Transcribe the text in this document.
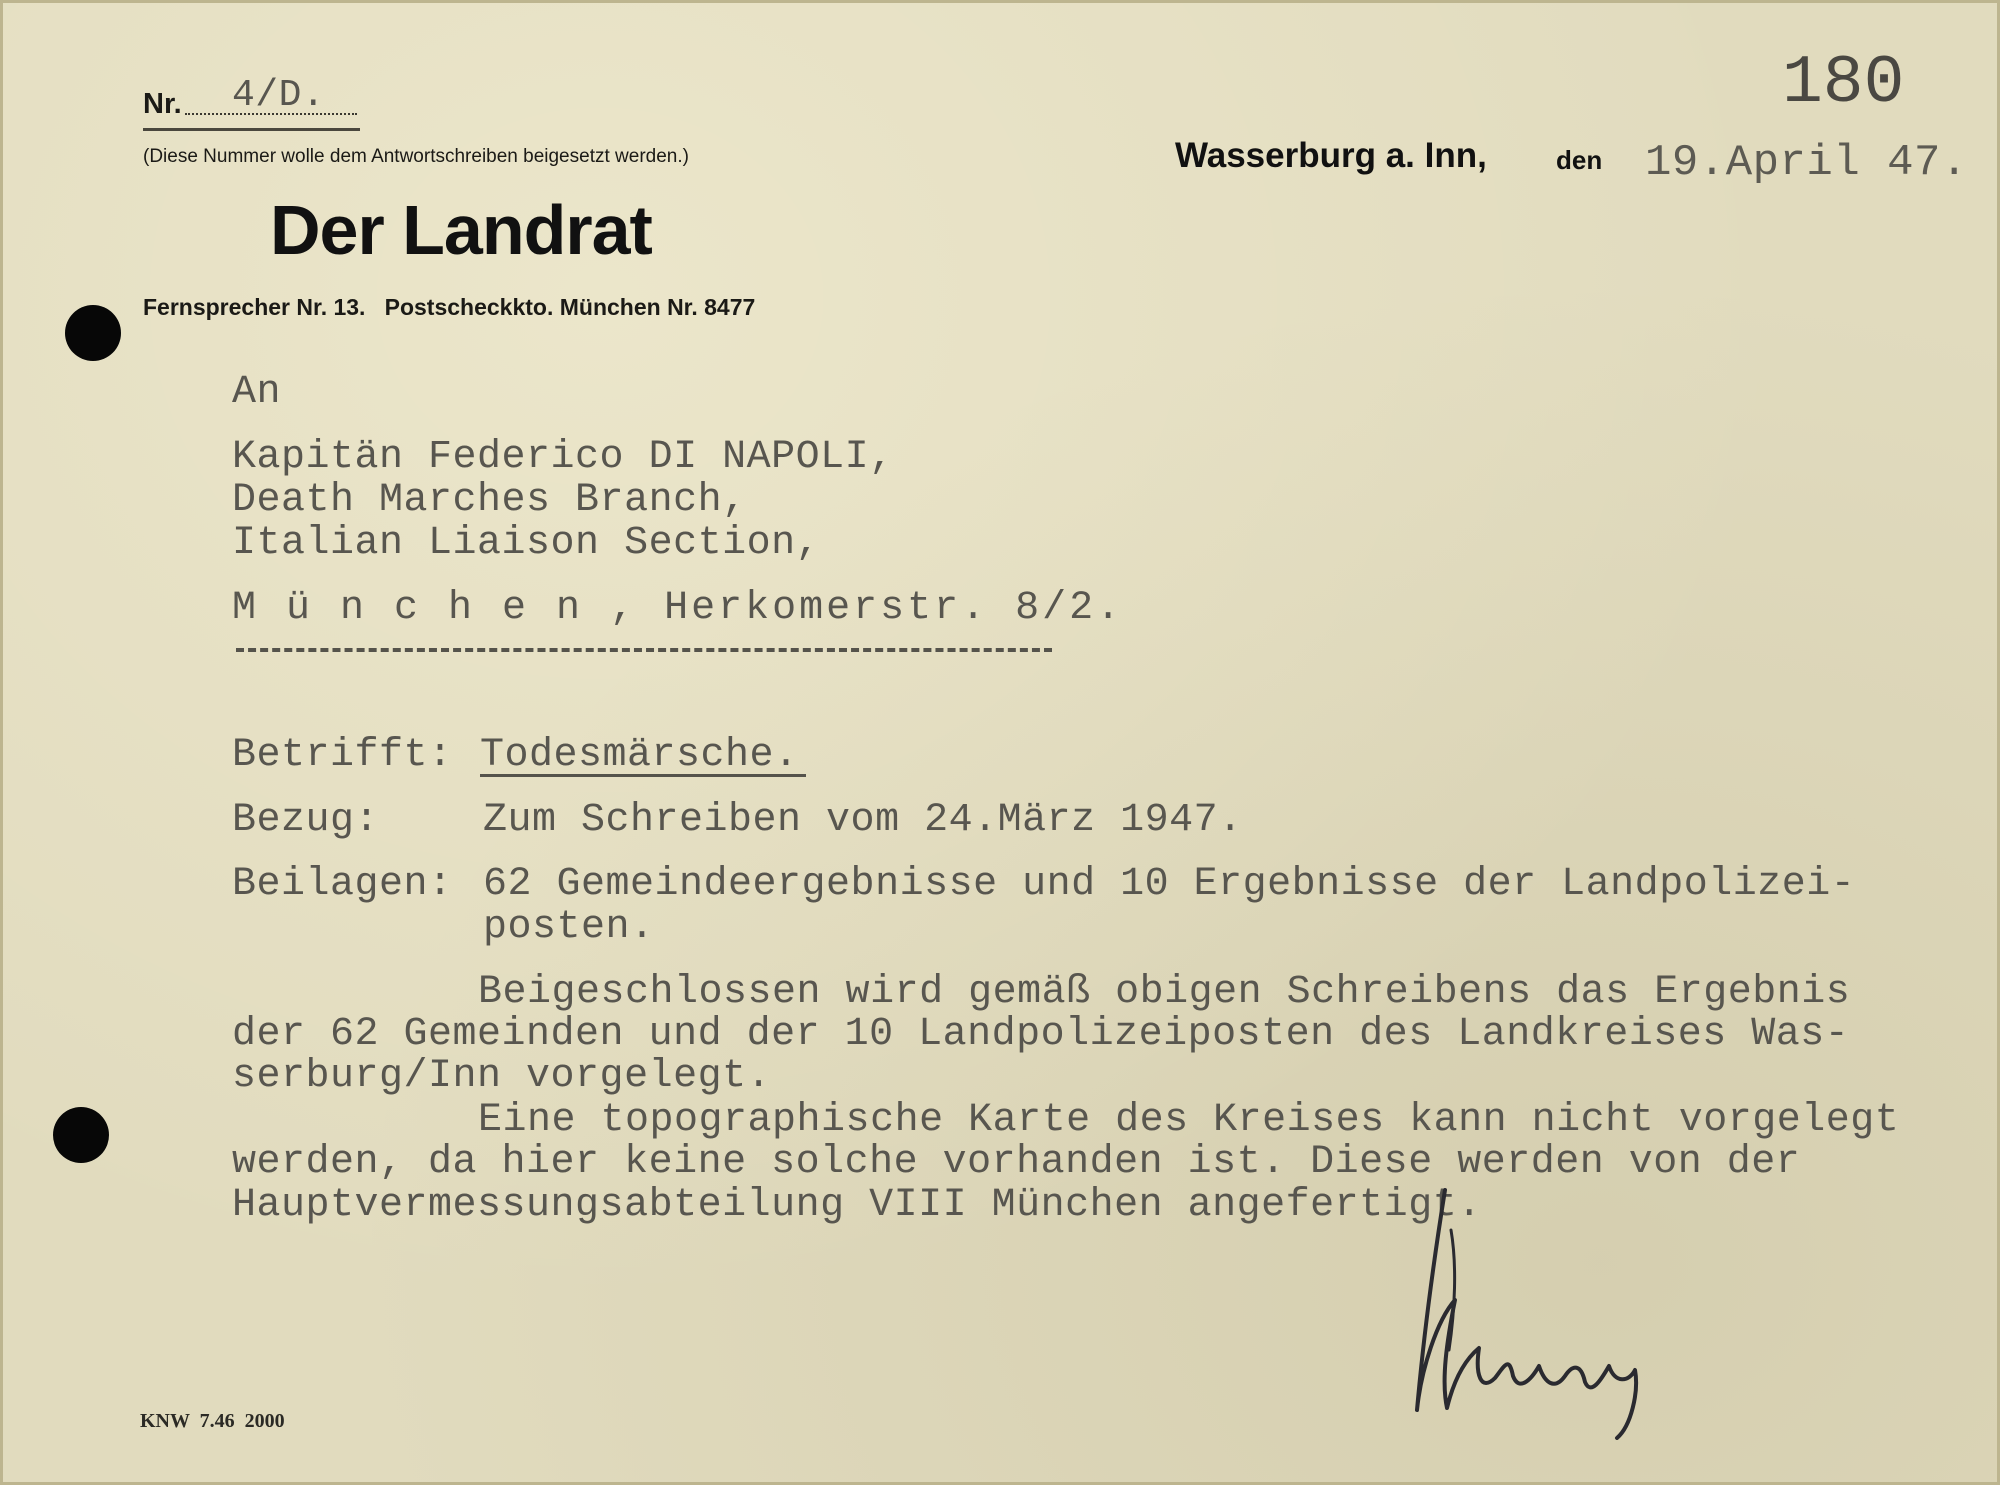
Nr. 4/D.
(Diese Nummer wolle dem Antwortschreiben beigesetzt werden.)
Der Landrat
Fernsprecher Nr. 13.   Postscheckkto. München Nr. 8477
180
Wasserburg a. Inn,	den 19.April 47.
An
Kapitän Federico DI NAPOLI,
Death Marches Branch,
Italian Liaison Section,
M ü n c h e n , Herkomerstr. 8/2.
Betrifft: Todesmärsche.
Bezug:	Zum Schreiben vom 24.März 1947.
Beilagen: 62 Gemeindeergebnisse und 10 Ergebnisse der Landpolizei-
posten.
Beigeschlossen wird gemäß obigen Schreibens das Ergebnis
der 62 Gemeinden und der 10 Landpolizeiposten des Landkreises Was-
serburg/Inn vorgelegt.
Eine topographische Karte des Kreises kann nicht vorgelegt
werden, da hier keine solche vorhanden ist. Diese werden von der
Hauptvermessungsabteilung VIII München angefertigt.
KNW  7.46  2000
